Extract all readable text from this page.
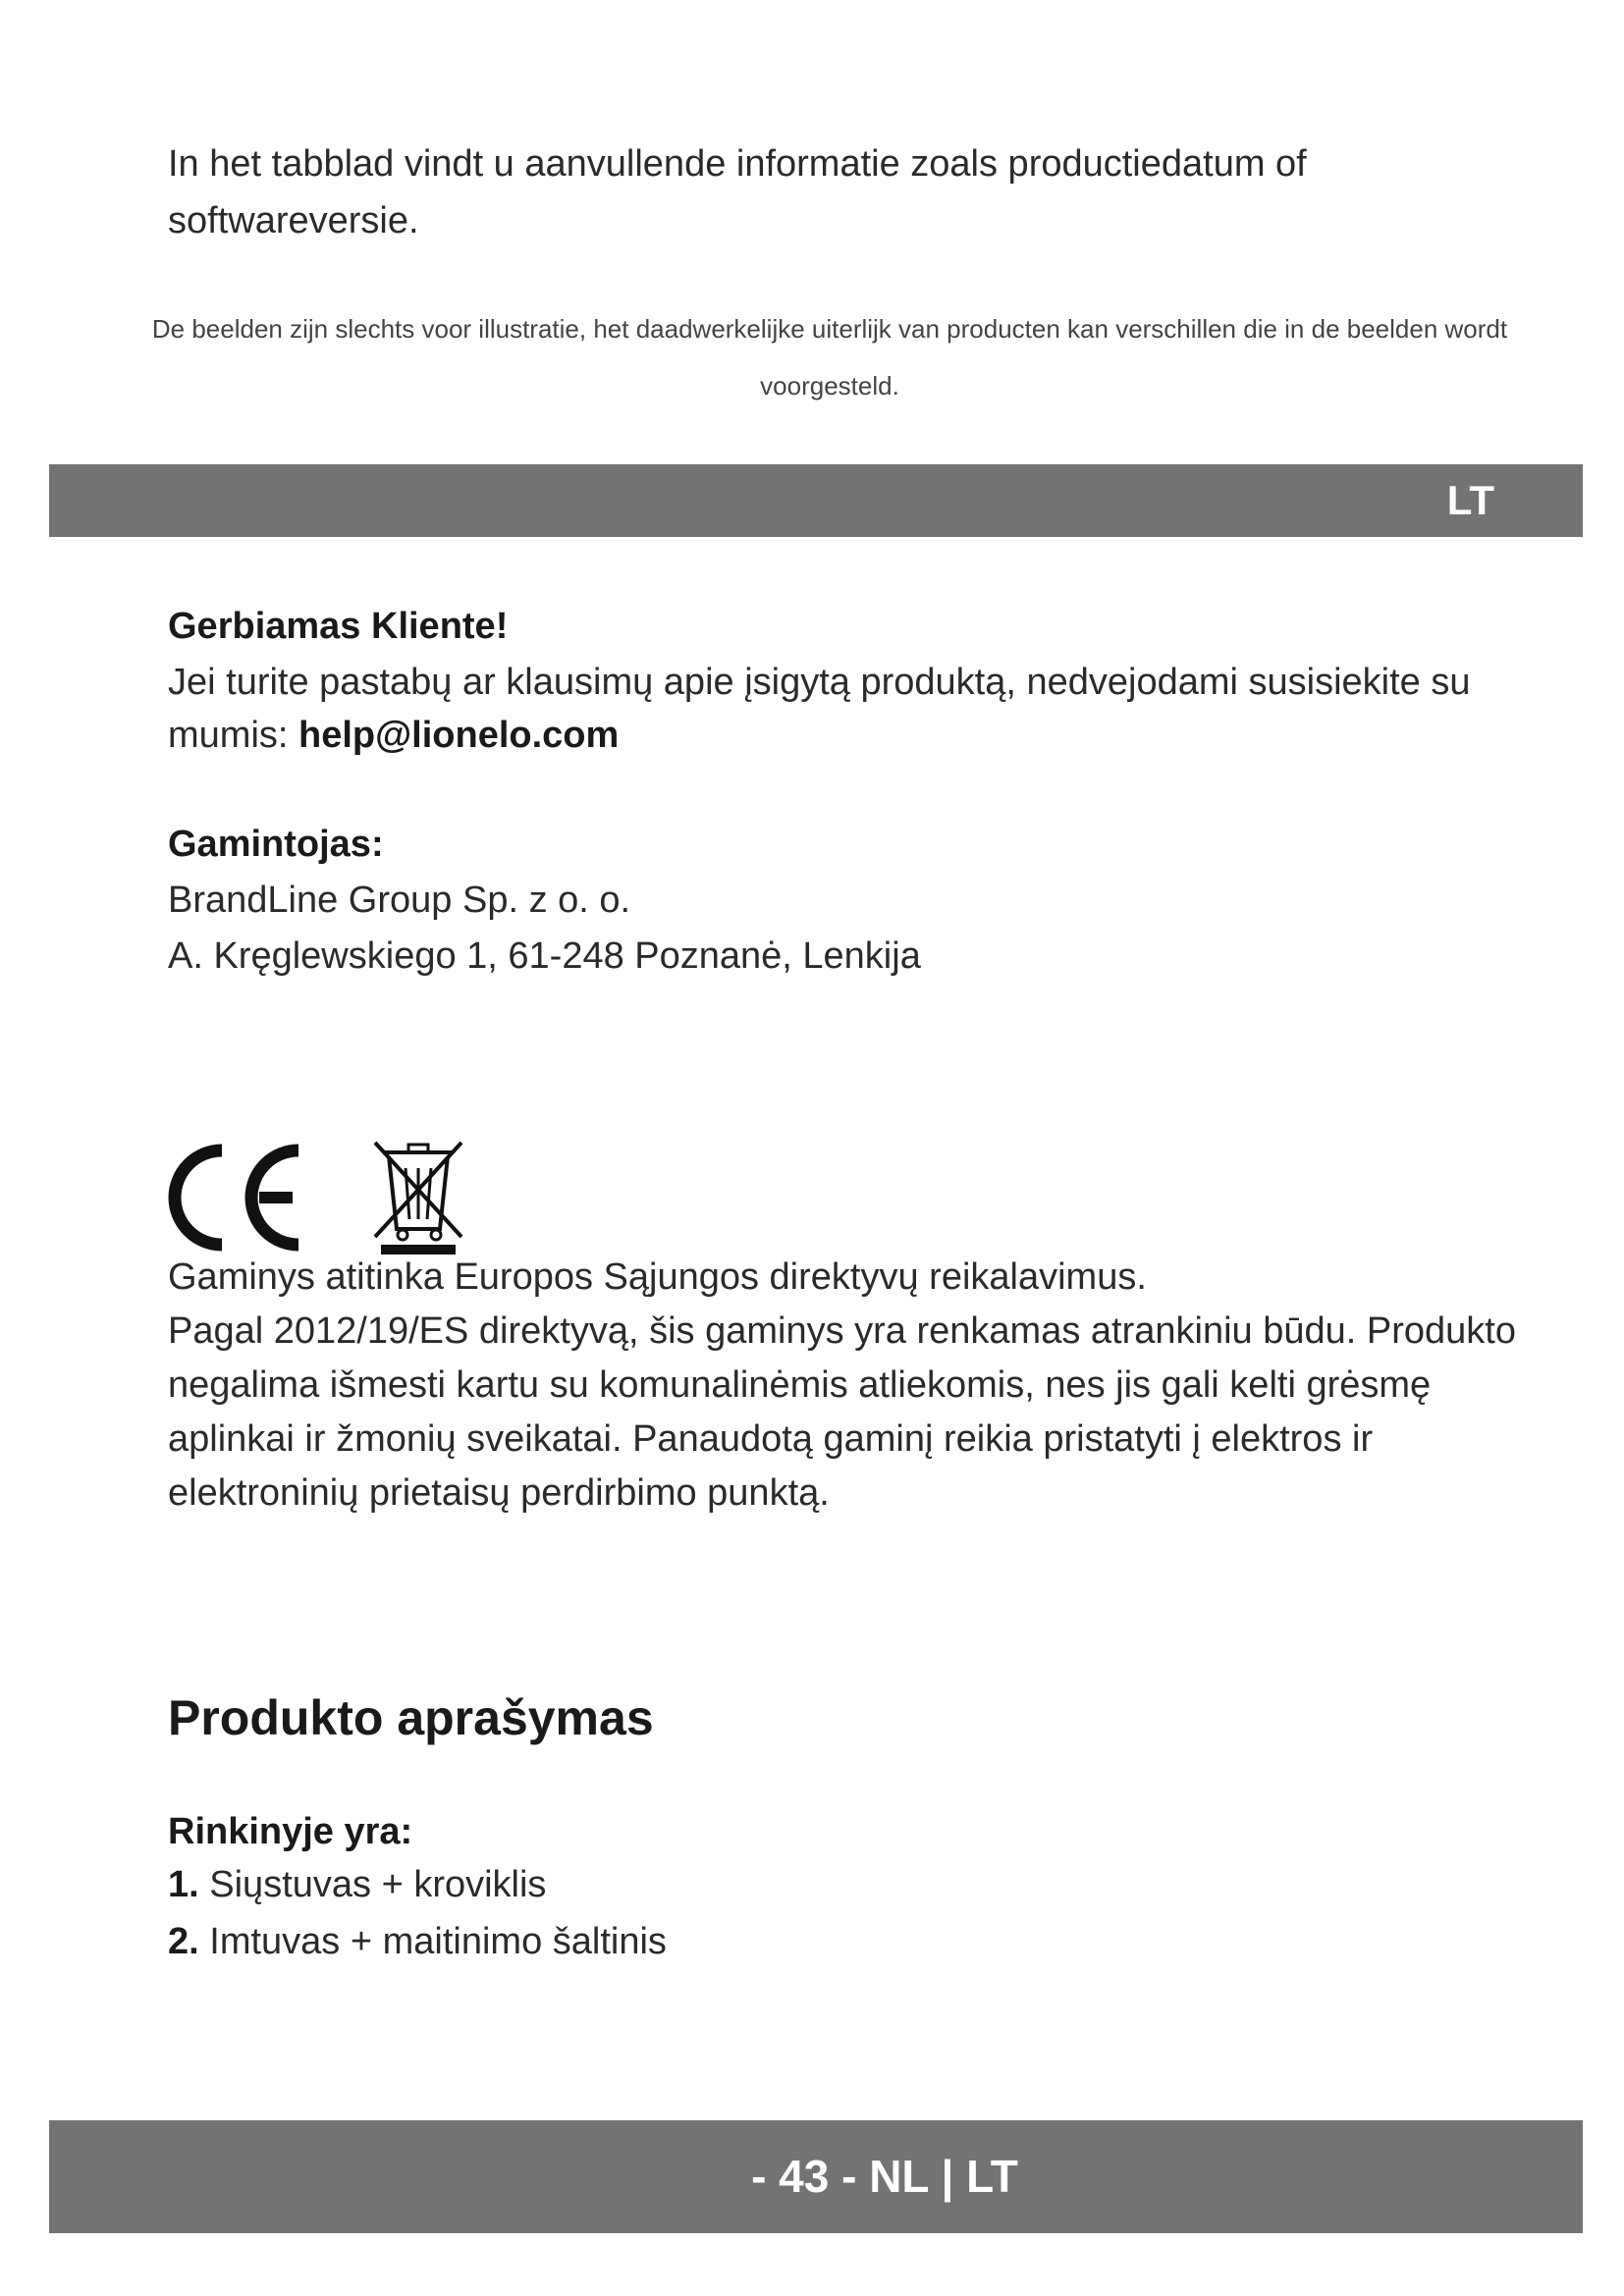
In het tabblad vindt u aanvullende informatie zoals productiedatum of softwareversie.

De beelden zijn slechts voor illustratie, het daadwerkelijke uiterlijk van producten kan verschillen die in de beelden wordt voorgesteld.

LT

Gerbiamas Kliente!

Jei turite pastabų ar klausimų apie įsigytą produktą, nedvejodami susisiekite su mumis: help@lionelo.com

Gamintojas:

BrandLine Group Sp. z o. o.

A. Kręglewskiego 1, 61-248 Poznanė, Lenkija

Gaminys atitinka Europos Sąjungos direktyvų reikalavimus.
Pagal 2012/19/ES direktyvą, šis gaminys yra renkamas atrankiniu būdu. Produkto negalima išmesti kartu su komunalinėmis atliekomis, nes jis gali kelti grėsmę aplinkai ir žmonių sveikatai. Panaudotą gaminį reikia pristatyti į elektros ir elektroninių prietaisų perdirbimo punktą.

Produkto aprašymas

Rinkinyje yra:

1. Siųstuvas + kroviklis

2. Imtuvas + maitinimo šaltinis

- 43 - NL | LT
